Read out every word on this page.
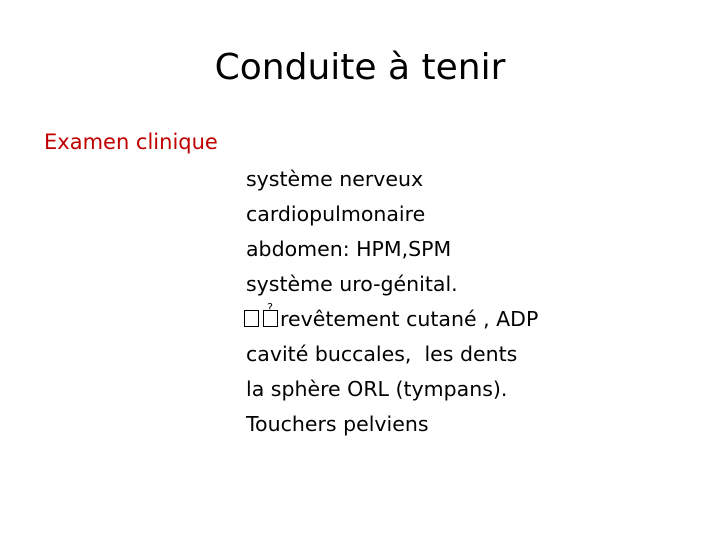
Conduite à tenir
Examen clinique
système nerveux
cardiopulmonaire
abdomen: HPM,SPM
système uro-génital.
? revêtement cutané , ADP
cavité buccales,  les dents
la sphère ORL (tympans).
Touchers pelviens
